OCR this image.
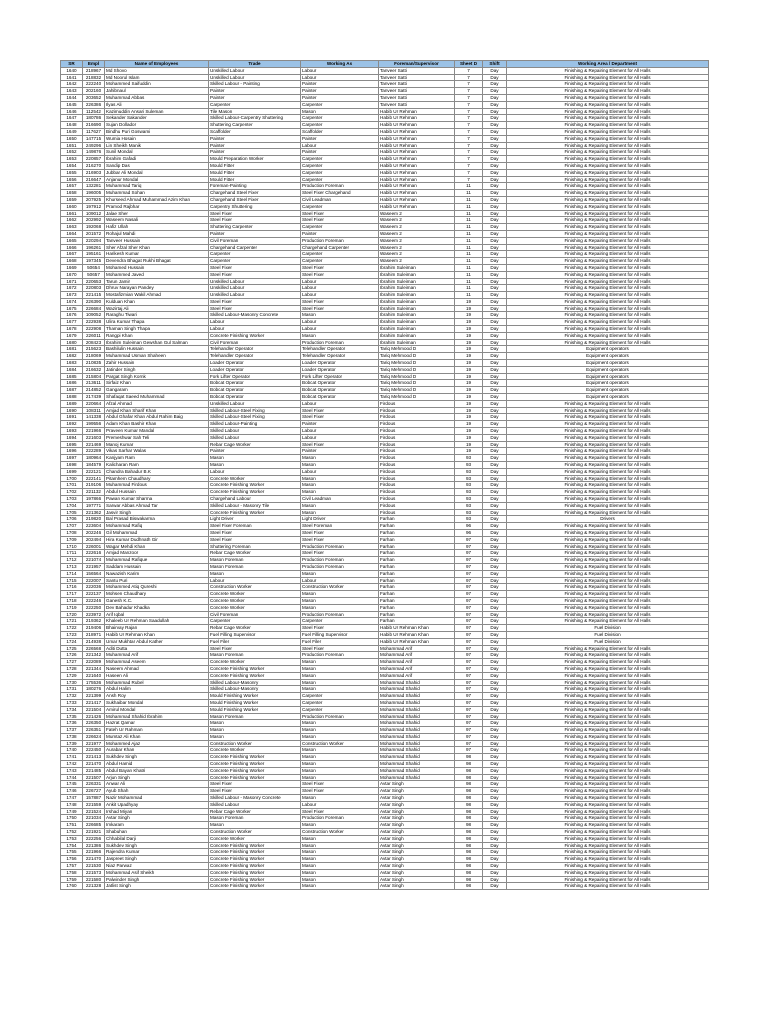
SR	Empl	Name of Employees	Trade	Working As	Foreman/Supervisor	Sheet D	Shift	Working Area / Department
1640	218967	Md Shovo	Unskilled Labour	Labour	Tanveer Satti	7	Day	Finishing & Repairing Element for All Halls
1641	218832	Md Noorul Islam	Unskilled Labour	Labour	Tanveer Satti	7	Day	Finishing & Repairing Element for All Halls
1642	222240	Mohammed Saifuddin	Skilled Labour - Painting	Painter	Tanveer Satti	7	Day	Finishing & Repairing Element for All Halls
1643	202160	Jahibnaul	Painter	Painter	Tanveer Satti	7	Day	Finishing & Repairing Element for All Halls
1644	203652	Muhammad Abbas	Painter	Painter	Tanveer Satti	7	Day	Finishing & Repairing Element for All Halls
1645	226386	Ilyas Ali	Carpenter	Carpenter	Tanveer Satti	7	Day	Finishing & Repairing Element for All Halls
1646	112542	Kazimuddin Ansari Suleman	Tile Mason	Mason	Habib Ur Rehman	7	Day	Finishing & Repairing Element for All Halls
1647	180786	Sekander Sakander	Skilled Labour-Carpentry Shuttering	Carpenter	Habib Ur Rehman	7	Day	Finishing & Repairing Element for All Halls
1648	216690	Sujan Dollador	Shuttering Carpenter	Carpenter	Habib Ur Rehman	7	Day	Finishing & Repairing Element for All Halls
1649	117627	Bindhu Puri Goswami	Scaffolder	Scaffolder	Habib Ur Rehman	7	Day	Finishing & Repairing Element for All Halls
1650	147715	Wumia Hosain	Painter	Painter	Habib Ur Rehman	7	Day	Finishing & Repairing Element for All Halls
1651	249296	Lin Sheikh Manik	Painter	Labour	Habib Ur Rehman	7	Day	Finishing & Repairing Element for All Halls
1652	149876	Sunil Mondal	Painter	Painter	Habib Ur Rehman	7	Day	Finishing & Repairing Element for All Halls
1653	220857	Ibrahim Gafadi	Mould Preparation Worker	Carpenter	Habib Ur Rehman	7	Day	Finishing & Repairing Element for All Halls
1654	216270	Sandip Das	Mould Fitter	Carpenter	Habib Ur Rehman	7	Day	Finishing & Repairing Element for All Halls
1655	216903	Jubbar Ali Mondal	Mould Fitter	Carpenter	Habib Ur Rehman	7	Day	Finishing & Repairing Element for All Halls
1656	216647	Anjanur Mondal	Mould Fitter	Carpenter	Habib Ur Rehman	7	Day	Finishing & Repairing Element for All Halls
1657	132281	Muhammad Tariq	Foreman-Painting	Production Foreman	Habib Ur Rehman	11	Day	Finishing & Repairing Element for All Halls
1658	196005	Muhammad Sohan	Chargehand Steel Fixer	Steel Fixer Chargehand	Habib Ur Rehman	11	Day	Finishing & Repairing Element for All Halls
1659	207925	Khurseed Ahmad Muhammad Azim Khan	Chargehand Steel Fixer	Civil Leadman	Habib Ur Rehman	11	Day	Finishing & Repairing Element for All Halls
1660	197912	Pramod Rajbhar	Carpentry Shuttering	Carpenter	Habib Ur Rehman	11	Day	Finishing & Repairing Element for All Halls
1661	109012	Jalae Sher	Steel Fixer	Steel Fixer	Waseem 2	11	Day	Finishing & Repairing Element for All Halls
1662	202992	Waseem Nasali	Steel Fixer	Steel Fixer	Waseem 2	11	Day	Finishing & Repairing Element for All Halls
1663	192068	Hafiz Ullah	Shuttering Carpenter	Carpenter	Waseem 2	11	Day	Finishing & Repairing Element for All Halls
1664	201572	Rohajul Mahdi	Painter	Painter	Waseem 2	11	Day	Finishing & Repairing Element for All Halls
1665	220294	Tanveer Hussain	Civil Foreman	Production Foreman	Waseem 2	11	Day	Finishing & Repairing Element for All Halls
1666	196261	Sher Afzal Sher Khan	Chargehand Carpenter	Chargehand Carpenter	Waseem 2	11	Day	Finishing & Repairing Element for All Halls
1667	195161	Harikesh Kumar	Carpenter	Carpenter	Waseem 2	11	Day	Finishing & Repairing Element for All Halls
1668	197345	Devendra Bhagat Rukhi Bhagat	Carpenter	Carpenter	Waseem 2	11	Day	Finishing & Repairing Element for All Halls
1669	50654	Mohamed Hussain	Steel Fixer	Steel Fixer	Ibrahim Suleiman	11	Day	Finishing & Repairing Element for All Halls
1670	50657	Mohammed Javed	Steel Fixer	Steel Fixer	Ibrahim Suleiman	11	Day	Finishing & Repairing Element for All Halls
1671	220653	Tarun Jamir	Unskilled Labour	Labour	Ibrahim Suleiman	11	Day	Finishing & Repairing Element for All Halls
1672	220803	Dhruv Narayan Pandey	Unskilled Labour	Labour	Ibrahim Suleiman	11	Day	Finishing & Repairing Element for All Halls
1673	221415	Mostafizmian Wakil Ahmad	Unskilled Labour	Labour	Ibrahim Suleiman	11	Day	Finishing & Repairing Element for All Halls
1674	226390	Kulduan Khan	Steel Fixer	Steel Fixer	Ibrahim Suleiman	19	Day	Finishing & Repairing Element for All Halls
1675	226684	Wazirtaj Ali	Steel Fixer	Steel Fixer	Ibrahim Suleiman	19	Day	Finishing & Repairing Element for All Halls
1676	109052	Raraghu Tiwari	Skilled Labour-Masonry Concrete	Mason	Ibrahim Suleiman	19	Day	Finishing & Repairing Element for All Halls
1677	222938	Ulira Kumar Thapa	Labour	Labour	Ibrahim Suleiman	19	Day	Finishing & Repairing Element for All Halls
1678	222908	Thaman Singh Thapa	Labour	Labour	Ibrahim Suleiman	19	Day	Finishing & Repairing Element for All Halls
1679	226011	Rangpi Khan	Concrete Finishing Worker	Mason	Ibrahim Suleiman	19	Day	Finishing & Repairing Element for All Halls
1680	208423	Ibrahim Suleiman Gewshan Gul Salman	Civil Foreman	Production Foreman	Ibrahim Suleiman	19	Day	Finishing & Repairing Element for All Halls
1681	215623	Bashilulin Hussain	Telehandler Operator	Telehandler Operator	Tariq Mehmood D	19	Day	Equipment operators
1682	218069	Muhammad Usman Shaheen	Telehandler Operator	Telehandler Operator	Tariq Mehmood D	19	Day	Equipment operators
1683	210835	Zahir Hussain	Loader Operator	Loader Operator	Tariq Mehmood D	19	Day	Equipment operators
1684	216632	Jatinder Singh	Loader Operator	Loader Operator	Tariq Mehmood D	19	Day	Equipment operators
1685	215804	Pargat Singh Kornk	Fork Lifter Operator	Fork Lifter Operator	Tariq Mehmood D	19	Day	Equipment operators
1686	213611	Sirfaiz Khan	Bobcat Operator	Bobcat Operator	Tariq Mehmood D	19	Day	Equipment operators
1687	214852	Gangaram	Bobcat Operator	Bobcat Operator	Tariq Mehmood D	19	Day	Equipment operators
1688	217439	Shafaqat Saeed Muhammad	Bobcat Operator	Bobcat Operator	Tariq Mehmood D	19	Day	Equipment operators
1689	220664	Afzal Ahmad	Unskilled Labour	Labour	Firdous	19	Day	Finishing & Repairing Element for All Halls
1690	108311	Amjad Khan Sharif Khan	Skilled Labour-Steel Fixing	Steel Fixer	Firdous	19	Day	Finishing & Repairing Element for All Halls
1691	141338	Abdul Ghafar Khan Abdul Rahim Baig	Skilled Labour-Steel Fixing	Steel Fixer	Firdous	19	Day	Finishing & Repairing Element for All Halls
1692	199556	Adam Khan Bashir Khan	Skilled Labour-Painting	Painter	Firdous	19	Day	Finishing & Repairing Element for All Halls
1693	221966	Praveen Kumar Mandal	Skilled Labour	Labour	Firdous	19	Day	Finishing & Repairing Element for All Halls
1694	221603	Premeshwar Sah Teli	Skilled Labour	Labour	Firdous	19	Day	Finishing & Repairing Element for All Halls
1695	221469	Manoj Kumar	Rebar Cage Worker	Steel Fixer	Firdous	19	Day	Finishing & Repairing Element for All Halls
1696	222289	Vikas Sarhar Walas	Painter	Painter	Firdous	19	Day	Finishing & Repairing Element for All Halls
1697	180964	Kanjyam Ram	Mason	Mason	Firdous	93	Day	Finishing & Repairing Element for All Halls
1698	184579	Kalicharan Ram	Mason	Mason	Firdous	93	Day	Finishing & Repairing Element for All Halls
1699	222121	Chandra Bahadur B.K	Labour	Labour	Firdous	93	Day	Finishing & Repairing Element for All Halls
1700	222141	Pitamhem Chaudhary	Concrete Worker	Mason	Firdous	93	Day	Finishing & Repairing Element for All Halls
1701	219106	Muhammad Firdous	Concrete Finishing Worker	Mason	Firdous	93	Day	Finishing & Repairing Element for All Halls
1702	221132	Abdul Hussain	Concrete Finishing Worker	Mason	Firdous	93	Day	Finishing & Repairing Element for All Halls
1703	197866	Pawan Kumar Sharma	Chargehand Labour	Civil Leadman	Firdous	93	Day	Finishing & Repairing Element for All Halls
1704	197771	Sarwar Abbas Ahmad Tar	Skilled Labour - Masonry Tile	Mason	Firdous	93	Day	Finishing & Repairing Element for All Halls
1705	221362	Jasvir Singh	Concrete Finishing Worker	Mason	Firdous	93	Day	Finishing & Repairing Element for All Halls
1706	219820	Bal Prasad Biswakarma	Light Driver	Light Driver	Farhan	93	Day	Drivers
1707	223604	Mohammad Rafiq	Steel Fixer Foreman	Steel Foreman	Farhan	96	Day	Finishing & Repairing Element for All Halls
1708	202246	Gil Mohammad	Steel Fixer	Steel Fixer	Farhan	96	Day	Finishing & Repairing Element for All Halls
1709	202494	Hira Kumar Dudhnath Gir	Steel Fixer	Steel Fixer	Farhan	97	Day	Finishing & Repairing Element for All Halls
1710	226001	Wagar Mehdi Khan	Shuttering Foreman	Production Foreman	Farhan	97	Day	Finishing & Repairing Element for All Halls
1711	222616	Amjad Manzoor	Rebar Cage Worker	Steel Fixer	Farhan	97	Day	Finishing & Repairing Element for All Halls
1712	221074	Muhammad Rafique	Mason Foreman	Production Foreman	Farhan	97	Day	Finishing & Repairing Element for All Halls
1713	221957	Saddam Hussain	Mason Foreman	Production Foreman	Farhan	97	Day	Finishing & Repairing Element for All Halls
1714	156564	Nawazish Karim	Mason	Mason	Farhan	97	Day	Finishing & Repairing Element for All Halls
1715	222007	Santu Puri	Labour	Labour	Farhan	97	Day	Finishing & Repairing Element for All Halls
1716	222036	Mohammed Atiq Qureshi	Construction Worker	Construction Worker	Farhan	97	Day	Finishing & Repairing Element for All Halls
1717	222137	Mohsen Chaudhary	Concrete Worker	Mason	Farhan	97	Day	Finishing & Repairing Element for All Halls
1718	222246	Ganesh K.C.	Concrete Worker	Mason	Farhan	97	Day	Finishing & Repairing Element for All Halls
1719	222250	Dev Bahadur Khadka	Concrete Worker	Mason	Farhan	97	Day	Finishing & Repairing Element for All Halls
1720	223972	Arif Iqbal	Civil Foreman	Production Foreman	Farhan	97	Day	Finishing & Repairing Element for All Halls
1721	219362	Khaleeb Ur Rehman Saadullah	Carpenter	Carpenter	Farhan	97	Day	Finishing & Repairing Element for All Halls
1722	219406	Bhairvay Rajan	Rebar Cage Worker	Steel Fixer	Habib Ur Rehman Khan	97	Day	Fuel Division
1723	218971	Habib Ur Rehman Khan	Fuel Filling Supervisor	Fuel Filling Supervisor	Habib Ur Rehman Khan	97	Day	Fuel Division
1724	214938	Umar Mukhtar Abdul Kather	Fuel Filer	Fuel Filer	Habib Ur Rehman Khan	97	Day	Fuel Division
1725	226568	Aditi Dutta	Steel Fixer	Steel Fixer	Mohammad Arif	97	Day	Finishing & Repairing Element for All Halls
1726	221342	Muhammad Arif	Mason Foreman	Production Foreman	Mohammad Arif	97	Day	Finishing & Repairing Element for All Halls
1727	222089	Mohammad Aseem	Concrete Worker	Mason	Mohammad Arif	97	Day	Finishing & Repairing Element for All Halls
1728	221344	Naseem Ahmad	Concrete Finishing Worker	Mason	Mohammad Arif	97	Day	Finishing & Repairing Element for All Halls
1729	221640	Haseen Ali	Concrete Finishing Worker	Mason	Mohammad Arif	97	Day	Finishing & Repairing Element for All Halls
1730	175536	Mohammad Rubel	Skilled Labour-Masonry	Mason	Mohammad Shahid	97	Day	Finishing & Repairing Element for All Halls
1731	180276	Abdul Halim	Skilled Labour-Masonry	Mason	Mohammad Shahid	97	Day	Finishing & Repairing Element for All Halls
1732	221399	Ansh Roy	Mould Finishing Worker	Carpenter	Mohammad Shahid	97	Day	Finishing & Repairing Element for All Halls
1733	221417	Sukhaibar Mondal	Mould Finishing Worker	Carpenter	Mohammad Shahid	97	Day	Finishing & Repairing Element for All Halls
1734	221504	Amirul Mondal	Mould Finishing Worker	Carpenter	Mohammad Shahid	97	Day	Finishing & Repairing Element for All Halls
1735	221426	Mohammad Shahid Ibrahim	Mason Foreman	Production Foreman	Mohammad Shahid	97	Day	Finishing & Repairing Element for All Halls
1736	226350	Hazrat Qamar	Mason	Mason	Mohammad Shahid	97	Day	Finishing & Repairing Element for All Halls
1737	226351	Fateh Ur Rahman	Mason	Mason	Mohammad Shahid	97	Day	Finishing & Repairing Element for All Halls
1738	226624	Mumtaz Ali Khan	Mason	Mason	Mohammad Shahid	97	Day	Finishing & Repairing Element for All Halls
1739	221977	Mohammed Ajaz	Construction Worker	Construction Worker	Mohammad Shahid	97	Day	Finishing & Repairing Element for All Halls
1740	222450	Aurabar Khan	Concrete Worker	Mason	Mohammad Shahid	97	Day	Finishing & Repairing Element for All Halls
1741	221413	Sukhdev Singh	Concrete Finishing Worker	Mason	Mohammad Shahid	98	Day	Finishing & Repairing Element for All Halls
1742	221470	Abdul Hamid	Concrete Finishing Worker	Mason	Mohammad Shahid	98	Day	Finishing & Repairing Element for All Halls
1743	221485	Abdul Bayan Khatri	Concrete Finishing Worker	Mason	Mohammad Shahid	98	Day	Finishing & Repairing Element for All Halls
1744	221507	Arjun Singh	Concrete Finishing Worker	Mason	Mohammad Shahid	98	Day	Finishing & Repairing Element for All Halls
1745	226331	Anwar Ali	Steel Fixer	Steel Fixer	Avtar Singh	98	Day	Finishing & Repairing Element for All Halls
1746	226727	Ayub Shah	Steel Fixer	Steel Fixer	Avtar Singh	98	Day	Finishing & Repairing Element for All Halls
1747	157887	Nazir Mohammad	Skilled Labour - Masonry Concrete	Mason	Avtar Singh	98	Day	Finishing & Repairing Element for All Halls
1748	221559	Ankit Upadhyay	Skilled Labour	Labour	Avtar Singh	98	Day	Finishing & Repairing Element for All Halls
1749	221524	Irshad Miyan	Rebar Cage Worker	Steel Fixer	Avtar Singh	98	Day	Finishing & Repairing Element for All Halls
1750	221034	Avtar Singh	Mason Foreman	Production Foreman	Avtar Singh	98	Day	Finishing & Repairing Element for All Halls
1751	226685	Imkaram	Mason	Mason	Avtar Singh	98	Day	Finishing & Repairing Element for All Halls
1752	221921	Shabuhan	Construction Worker	Construction Worker	Avtar Singh	98	Day	Finishing & Repairing Element for All Halls
1753	222256	Chhabilal Darji	Concrete Worker	Mason	Avtar Singh	98	Day	Finishing & Repairing Element for All Halls
1754	221386	Sukhdev Singh	Concrete Finishing Worker	Mason	Avtar Singh	98	Day	Finishing & Repairing Element for All Halls
1755	221966	Rajendra Kumar	Concrete Finishing Worker	Mason	Avtar Singh	98	Day	Finishing & Repairing Element for All Halls
1756	221470	Jaspreet Singh	Concrete Finishing Worker	Mason	Avtar Singh	98	Day	Finishing & Repairing Element for All Halls
1757	221530	Niaz Parwaz	Concrete Finishing Worker	Mason	Avtar Singh	98	Day	Finishing & Repairing Element for All Halls
1758	221573	Mohammad Asif Sheikh	Concrete Finishing Worker	Mason	Avtar Singh	98	Day	Finishing & Repairing Element for All Halls
1759	221580	Palwinder Singh	Concrete Finishing Worker	Mason	Avtar Singh	98	Day	Finishing & Repairing Element for All Halls
1760	221328	Jatlist Singh	Concrete Finishing Worker	Mason	Avtar Singh	98	Day	Finishing & Repairing Element for All Halls
